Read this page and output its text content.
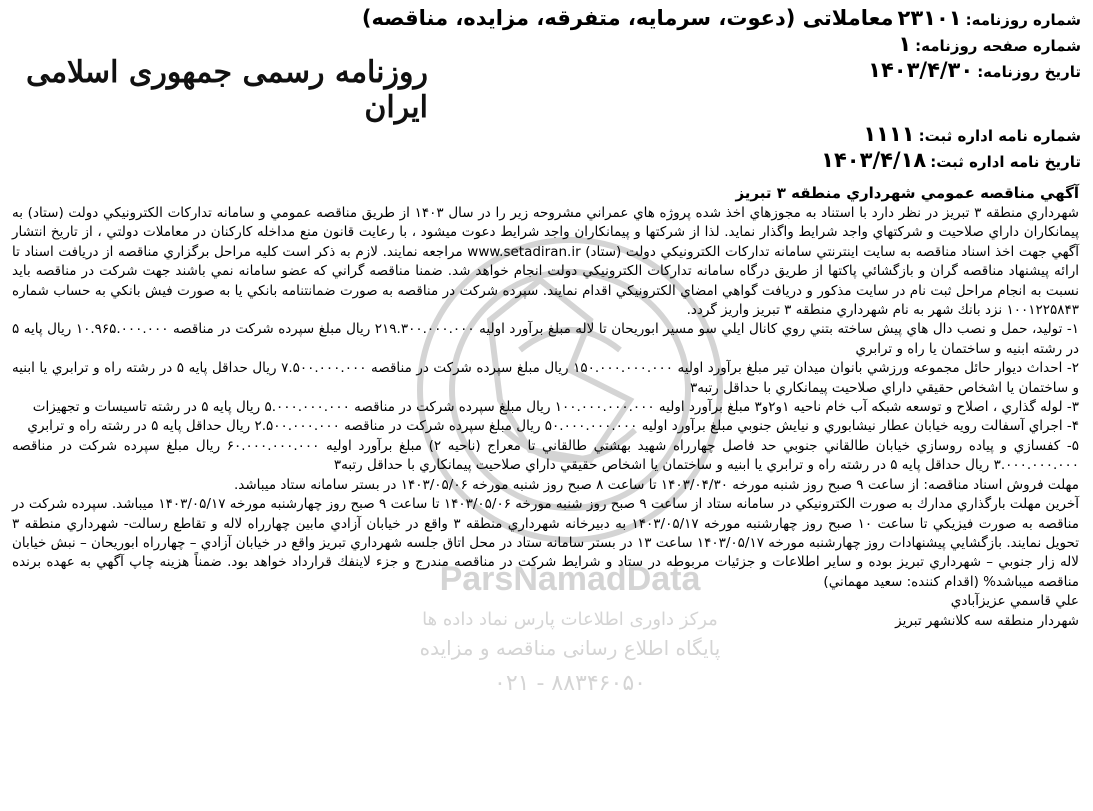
ParsNamadData
مرکز داوری اطلاعات پارس نماد داده ها
پایگاه اطلاع رسانی مناقصه و مزایده
۰۲۱ - ۸۸۳۴۶۰۵۰
شماره روزنامه:
۲۳۱۰۱
معاملاتی (دعوت، سرمایه، متفرقه، مزایده، مناقصه)
شماره صفحه روزنامه:
۱
تاریخ روزنامه:
۱۴۰۳/۴/۳۰
شماره نامه اداره ثبت:
۱۱۱۱
تاریخ نامه اداره ثبت:
۱۴۰۳/۴/۱۸
روزنامه رسمی جمهوری اسلامی ایران

آگهي مناقصه عمومي شهرداري منطقه ۳ تبريز

شهرداري منطقه ۳ تبريز در نظر دارد با استناد به مجوزهاي اخذ شده پروژه هاي عمراني مشروحه زير را در سال ۱۴۰۳ از طريق مناقصه عمومي و سامانه تداركات الكترونيكي دولت (ستاد) به پيمانكاران داراي صلاحيت و شركتهاي واجد شرايط واگذار نمايد. لذا از شركتها و پيمانكاران واجد شرايط دعوت ميشود ، با رعايت قانون منع مداخله كاركنان در معاملات دولتي ، از تاريخ انتشار آگهي جهت اخذ اسناد مناقصه به سايت اينترنتي سامانه تداركات الكترونيكي دولت (ستاد) www.setadiran.ir مراجعه نمايند. لازم به ذكر است كليه مراحل برگزاري مناقصه از دريافت اسناد تا ارائه پيشنهاد مناقصه گران و بازگشائي پاكتها از طريق درگاه سامانه تداركات الكترونيكي دولت انجام خواهد شد. ضمنا مناقصه گراني كه عضو سامانه نمي باشند جهت شركت در مناقصه بايد نسبت به انجام مراحل ثبت نام در سايت مذكور و دريافت گواهي امضاي الكترونيكي اقدام نمايند. سپرده شركت در مناقصه به صورت ضمانتنامه بانكي يا به صورت فيش بانكي به حساب شماره ۱۰۰۱۲۲۵۸۴۳ نزد بانك شهر به نام شهرداري منطقه ۳ تبريز واريز گردد.

۱- توليد، حمل و نصب دال هاي پيش ساخته بتني روي كانال ايلي سو مسير ابوريحان تا لاله مبلغ برآورد اوليه ۲۱۹.۳۰۰.۰۰۰.۰۰۰ ريال مبلغ سپرده شركت در مناقصه ۱۰.۹۶۵.۰۰۰.۰۰۰ ريال پايه ۵ در رشته ابنيه و ساختمان يا راه و ترابري

۲- احداث ديوار حائل مجموعه ورزشي بانوان ميدان تير مبلغ برآورد اوليه ۱۵۰.۰۰۰.۰۰۰.۰۰۰ ريال مبلغ سپرده شركت در مناقصه ۷.۵۰۰.۰۰۰.۰۰۰ ريال حداقل پايه ۵ در رشته راه و ترابري يا ابنيه و ساختمان يا اشخاص حقيقي داراي صلاحيت پيمانكاري با حداقل رتبه۳

۳- لوله گذاري ، اصلاح و توسعه شبكه آب خام ناحيه ۱و۲و۳ مبلغ برآورد اوليه ۱۰۰.۰۰۰.۰۰۰.۰۰۰ ريال مبلغ سپرده شركت در مناقصه ۵.۰۰۰.۰۰۰.۰۰۰ ريال پايه ۵ در رشته تاسيسات و تجهيزات

۴- اجراي آسفالت رويه خيابان عطار نيشابوري و نيايش جنوبي مبلغ برآورد اوليه ۵۰.۰۰۰.۰۰۰.۰۰۰ ريال مبلغ سپرده شركت در مناقصه ۲.۵۰۰.۰۰۰.۰۰۰ ريال حداقل پايه ۵ در رشته راه و ترابري

۵- كفسازي و پياده روسازي خيابان طالقاني جنوبي حد فاصل چهارراه شهيد بهشتي طالقاني تا معراج (ناحيه ۲) مبلغ برآورد اوليه ۶۰.۰۰۰.۰۰۰.۰۰۰ ريال مبلغ سپرده شركت در مناقصه ۳.۰۰۰.۰۰۰.۰۰۰ ريال حداقل پايه ۵ در رشته راه و ترابري يا ابنيه و ساختمان يا اشخاص حقيقي داراي صلاحيت پيمانكاري با حداقل رتبه۳

مهلت فروش اسناد مناقصه: از ساعت ۹ صبح روز شنبه مورخه ۱۴۰۳/۰۴/۳۰ تا ساعت ۸ صبح روز شنبه مورخه ۱۴۰۳/۰۵/۰۶ در بستر سامانه ستاد ميباشد.

آخرين مهلت بارگذاري مدارك به صورت الكترونيكي در سامانه ستاد از ساعت ۹ صبح روز شنبه مورخه ۱۴۰۳/۰۵/۰۶ تا ساعت ۹ صبح روز چهارشنبه مورخه ۱۴۰۳/۰۵/۱۷ ميباشد. سپرده شركت در مناقصه به صورت فيزيكي تا ساعت ۱۰ صبح روز چهارشنبه مورخه ۱۴۰۳/۰۵/۱۷ به دبيرخانه شهرداري منطقه ۳ واقع در خيابان آزادي مابين چهارراه لاله و تقاطع رسالت- شهرداري منطقه ۳ تحويل نمايند. بازگشايي پيشنهادات روز چهارشنبه مورخه ۱۴۰۳/۰۵/۱۷ ساعت ۱۳ در بستر سامانه ستاد در محل اتاق جلسه شهرداري تبريز واقع در خيابان آزادي – چهارراه ابوريحان – نبش خيابان لاله زار جنوبي – شهرداري تبريز بوده و ساير اطلاعات و جزئيات مربوطه در ستاد و شرايط شركت در مناقصه مندرج و جزء لاينفك قرارداد خواهد بود. ضمناً هزينه چاپ آگهي به عهده برنده مناقصه ميباشد% (اقدام كننده: سعيد مهماني)

علي قاسمي عزيزآبادي

شهردار منطقه سه كلانشهر تبريز
